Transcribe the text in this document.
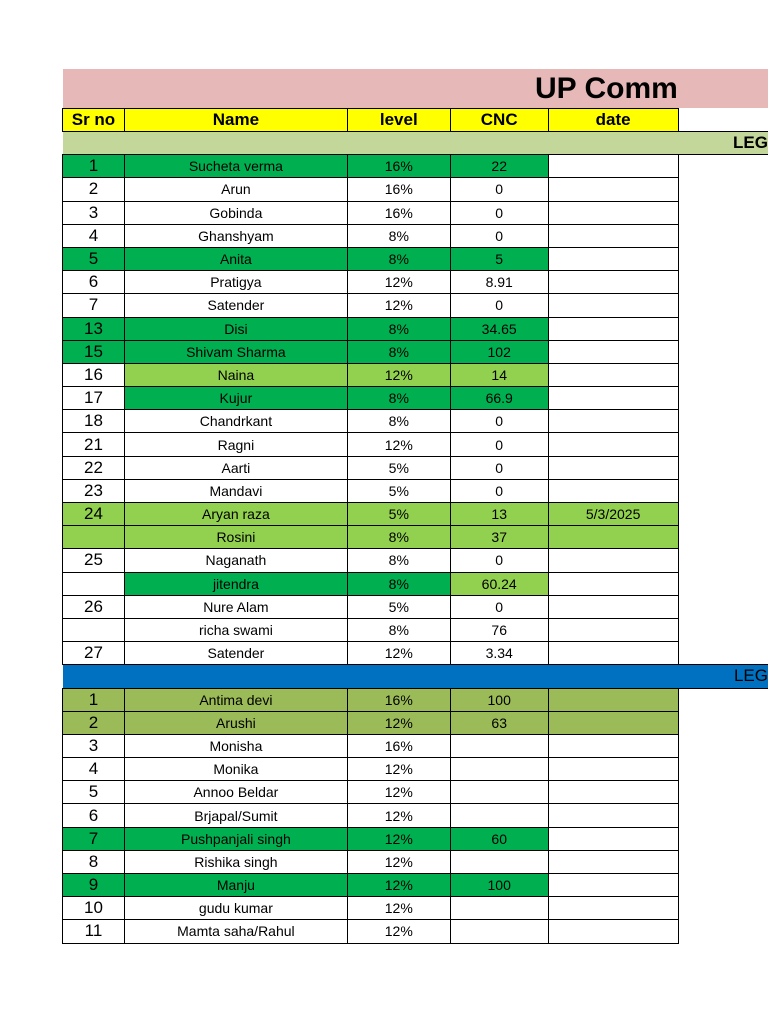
UP Comm
Sr no	Name	level	CNC	date	
LEG					
1	Sucheta verma	16%	22		
2	Arun	16%	0		
3	Gobinda	16%	0		
4	Ghanshyam	8%	0		
5	Anita	8%	5		
6	Pratigya	12%	8.91		
7	Satender	12%	0		
13	Disi	8%	34.65		
15	Shivam Sharma	8%	102		
16	Naina	12%	14		
17	Kujur	8%	66.9		
18	Chandrkant	8%	0		
21	Ragni	12%	0		
22	Aarti	5%	0		
23	Mandavi	5%	0		
24	Aryan raza	5%	13	5/3/2025	
	Rosini	8%	37		
25	Naganath	8%	0		
	jitendra	8%	60.24		
26	Nure Alam	5%	0		
	richa swami	8%	76		
27	Satender	12%	3.34		
LEG					
1	Antima devi	16%	100		
2	Arushi	12%	63		
3	Monisha	16%			
4	Monika	12%			
5	Annoo Beldar	12%			
6	Brjapal/Sumit	12%			
7	Pushpanjali singh	12%	60		
8	Rishika singh	12%			
9	Manju	12%	100		
10	gudu kumar	12%			
11	Mamta saha/Rahul	12%			
